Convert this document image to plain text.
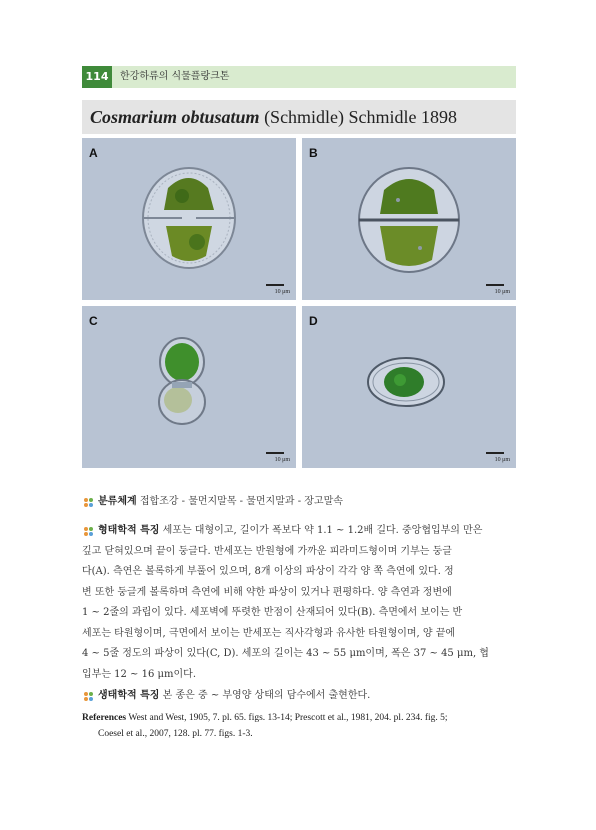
114	한강하류의 식물플랑크톤
Cosmarium obtusatum (Schmidle) Schmidle 1898
A
10 μm
B
10 μm
C
10 μm
D
10 μm
분류체계 접합조강 - 물먼지말목 - 물먼지말과 - 장고말속
형태학적 특징 세포는 대형이고, 길이가 폭보다 약 1.1 ~ 1.2배 길다. 중앙협입부의 만은
깊고 닫혀있으며 끝이 둥글다. 반세포는 반원형에 가까운 피라미드형이며 기부는 둥글
다(A). 측연은 볼록하게 부풀어 있으며, 8개 이상의 파상이 각각 양 쪽 측연에 있다. 정
변 또한 둥글게 볼록하며 측연에 비해 약한 파상이 있거나 편평하다. 양 측연과 정변에
1 ~ 2줄의 과립이 있다. 세포벽에 뚜렷한 반점이 산재되어 있다(B). 측면에서 보이는 반
세포는 타원형이며, 극면에서 보이는 반세포는 직사각형과 유사한 타원형이며, 양 끝에
4 ~ 5줄 정도의 파상이 있다(C, D). 세포의 길이는 43 ~ 55 μm이며, 폭은 37 ~ 45 μm, 협
입부는 12 ~ 16 μm이다.
생태학적 특징 본 종은 중 ~ 부영양 상태의 담수에서 출현한다.
References West and West, 1905, 7. pl. 65. figs. 13-14; Prescott et al., 1981, 204. pl. 234. fig. 5;
Coesel et al., 2007, 128. pl. 77. figs. 1-3.
